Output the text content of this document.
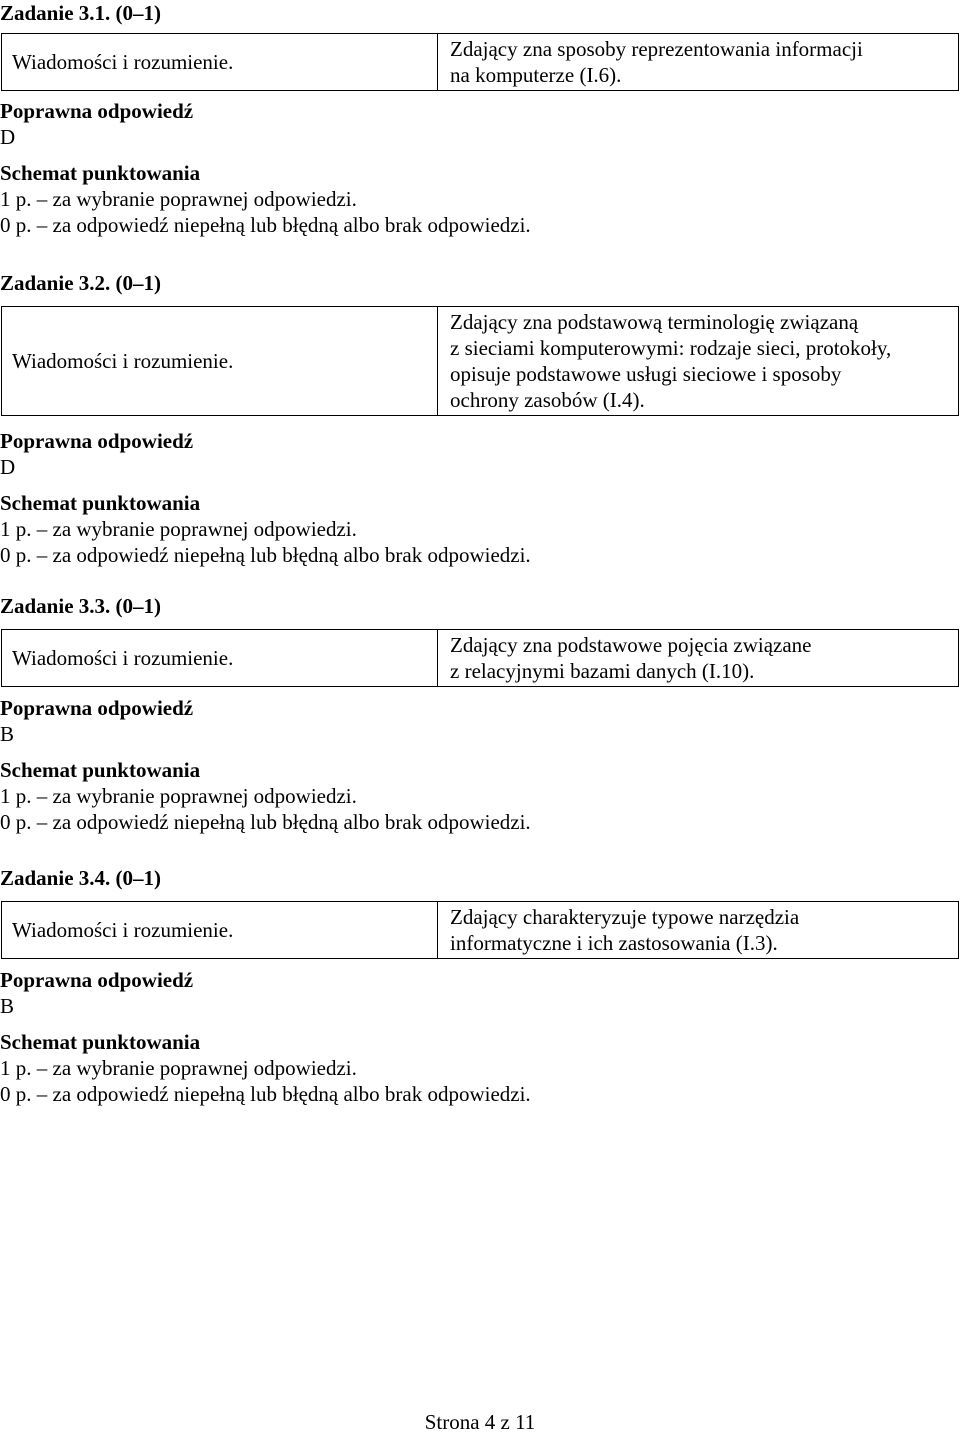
Zadanie 3.1. (0–1)
Wiadomości i rozumienie.
Zdający zna sposoby reprezentowania informacji
na komputerze (I.6).
Poprawna odpowiedź
D
Schemat punktowania
1 p. – za wybranie poprawnej odpowiedzi.
0 p. – za odpowiedź niepełną lub błędną albo brak odpowiedzi.
Zadanie 3.2. (0–1)
Wiadomości i rozumienie.
Zdający zna podstawową terminologię związaną
z sieciami komputerowymi: rodzaje sieci, protokoły,
opisuje podstawowe usługi sieciowe i sposoby
ochrony zasobów (I.4).
Poprawna odpowiedź
D
Schemat punktowania
1 p. – za wybranie poprawnej odpowiedzi.
0 p. – za odpowiedź niepełną lub błędną albo brak odpowiedzi.
Zadanie 3.3. (0–1)
Wiadomości i rozumienie.
Zdający zna podstawowe pojęcia związane
z relacyjnymi bazami danych (I.10).
Poprawna odpowiedź
B
Schemat punktowania
1 p. – za wybranie poprawnej odpowiedzi.
0 p. – za odpowiedź niepełną lub błędną albo brak odpowiedzi.
Zadanie 3.4. (0–1)
Wiadomości i rozumienie.
Zdający charakteryzuje typowe narzędzia
informatyczne i ich zastosowania (I.3).
Poprawna odpowiedź
B
Schemat punktowania
1 p. – za wybranie poprawnej odpowiedzi.
0 p. – za odpowiedź niepełną lub błędną albo brak odpowiedzi.
Strona 4 z 11
